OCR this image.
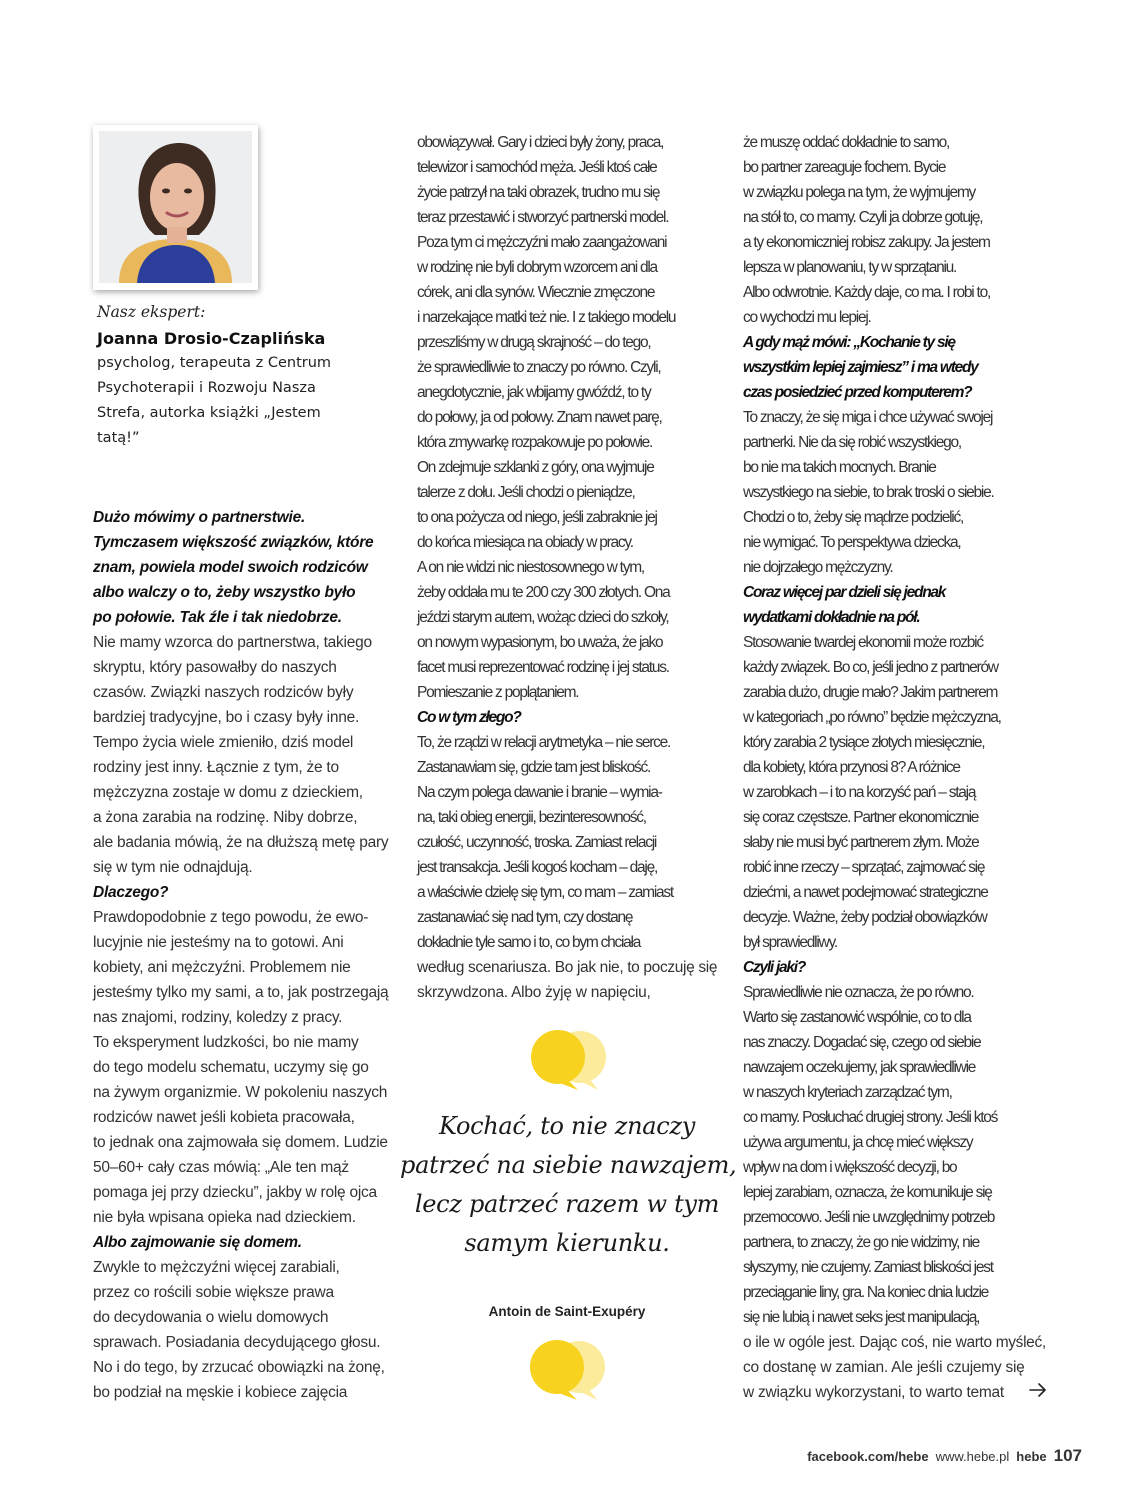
Nasz ekspert:
Joanna Drosio-Czaplińska
psycholog, terapeuta z Centrum
Psychoterapii i Rozwoju Nasza
Strefa, autorka książki „Jestem
tatą!”

Dużo mówimy o partnerstwie.

Tymczasem większość związków, które

znam, powiela model swoich rodziców

albo walczy o to, żeby wszystko było

po połowie. Tak źle i tak niedobrze.

Nie mamy wzorca do partnerstwa, takiego

skryptu, który pasowałby do naszych

czasów. Związki naszych rodziców były

bardziej tradycyjne, bo i czasy były inne.

Tempo życia wiele zmieniło, dziś model

rodziny jest inny. Łącznie z tym, że to

mężczyzna zostaje w domu z dzieckiem,

a żona zarabia na rodzinę. Niby dobrze,

ale badania mówią, że na dłuższą metę pary

się w tym nie odnajdują.

Dlaczego?

Prawdopodobnie z tego powodu, że ewo-

lucyjnie nie jesteśmy na to gotowi. Ani

kobiety, ani mężczyźni. Problemem nie

jesteśmy tylko my sami, a to, jak postrzegają

nas znajomi, rodziny, koledzy z pracy.

To eksperyment ludzkości, bo nie mamy

do tego modelu schematu, uczymy się go

na żywym organizmie. W pokoleniu naszych

rodziców nawet jeśli kobieta pracowała,

to jednak ona zajmowała się domem. Ludzie

50–60+ cały czas mówią: „Ale ten mąż

pomaga jej przy dziecku”, jakby w rolę ojca

nie była wpisana opieka nad dzieckiem.

Albo zajmowanie się domem.

Zwykle to mężczyźni więcej zarabiali,

przez co rościli sobie większe prawa

do decydowania o wielu domowych

sprawach. Posiadania decydującego głosu.

No i do tego, by zrzucać obowiązki na żonę,

bo podział na męskie i kobiece zajęcia

obowiązywał. Gary i dzieci były żony, praca,

telewizor i samochód męża. Jeśli ktoś całe

życie patrzył na taki obrazek, trudno mu się

teraz przestawić i stworzyć partnerski model.

Poza tym ci mężczyźni mało zaangażowani

w rodzinę nie byli dobrym wzorcem ani dla

córek, ani dla synów. Wiecznie zmęczone

i narzekające matki też nie. I z takiego modelu

przeszliśmy w drugą skrajność – do tego,

że sprawiedliwie to znaczy po równo. Czyli,

anegdotycznie, jak wbijamy gwóźdź, to ty

do połowy, ja od połowy. Znam nawet parę,

która zmywarkę rozpakowuje po połowie.

On zdejmuje szklanki z góry, ona wyjmuje

talerze z dołu. Jeśli chodzi o pieniądze,

to ona pożycza od niego, jeśli zabraknie jej

do końca miesiąca na obiady w pracy.

A on nie widzi nic niestosownego w tym,

żeby oddała mu te 200 czy 300 złotych. Ona

jeździ starym autem, wożąc dzieci do szkoły,

on nowym wypasionym, bo uważa, że jako

facet musi reprezentować rodzinę i jej status.

Pomieszanie z poplątaniem.

Co w tym złego?

To, że rządzi w relacji arytmetyka – nie serce.

Zastanawiam się, gdzie tam jest bliskość.

Na czym polega dawanie i branie – wymia-

na, taki obieg energii, bezinteresowność,

czułość, uczynność, troska. Zamiast relacji

jest transakcja. Jeśli kogoś kocham – daję,

a właściwie dzielę się tym, co mam – zamiast

zastanawiać się nad tym, czy dostanę

dokładnie tyle samo i to, co bym chciała

według scenariusza. Bo jak nie, to poczuję się

skrzywdzona. Albo żyję w napięciu,

że muszę oddać dokładnie to samo,

bo partner zareaguje fochem. Bycie

w związku polega na tym, że wyjmujemy

na stół to, co mamy. Czyli ja dobrze gotuję,

a ty ekonomiczniej robisz zakupy. Ja jestem

lepsza w planowaniu, ty w sprzątaniu.

Albo odwrotnie. Każdy daje, co ma. I robi to,

co wychodzi mu lepiej.

A gdy mąż mówi: „Kochanie ty się

wszystkim lepiej zajmiesz” i ma wtedy

czas posiedzieć przed komputerem?

To znaczy, że się miga i chce używać swojej

partnerki. Nie da się robić wszystkiego,

bo nie ma takich mocnych. Branie

wszystkiego na siebie, to brak troski o siebie.

Chodzi o to, żeby się mądrze podzielić,

nie wymigać. To perspektywa dziecka,

nie dojrzałego mężczyzny.

Coraz więcej par dzieli się jednak

wydatkami dokładnie na pół.

Stosowanie twardej ekonomii może rozbić

każdy związek. Bo co, jeśli jedno z partnerów

zarabia dużo, drugie mało? Jakim partnerem

w kategoriach „po równo” będzie mężczyzna,

który zarabia 2 tysiące złotych miesięcznie,

dla kobiety, która przynosi 8? A różnice

w zarobkach – i to na korzyść pań – stają

się coraz częstsze. Partner ekonomicznie

słaby nie musi być partnerem złym. Może

robić inne rzeczy – sprzątać, zajmować się

dziećmi, a nawet podejmować strategiczne

decyzje. Ważne, żeby podział obowiązków

był sprawiedliwy.

Czyli jaki?

Sprawiedliwie nie oznacza, że po równo.

Warto się zastanowić wspólnie, co to dla

nas znaczy. Dogadać się, czego od siebie

nawzajem oczekujemy, jak sprawiedliwie

w naszych kryteriach zarządzać tym,

co mamy. Posłuchać drugiej strony. Jeśli ktoś

używa argumentu, ja chcę mieć większy

wpływ na dom i większość decyzji, bo

lepiej zarabiam, oznacza, że komunikuje się

przemocowo. Jeśli nie uwzględnimy potrzeb

partnera, to znaczy, że go nie widzimy, nie

słyszymy, nie czujemy. Zamiast bliskości jest

przeciąganie liny, gra. Na koniec dnia ludzie

się nie lubią i nawet seks jest manipulacją,

o ile w ogóle jest. Dając coś, nie warto myśleć,

co dostanę w zamian. Ale jeśli czujemy się

w związku wykorzystani, to warto temat

Kochać, to nie znaczy

patrzeć na siebie nawzajem,

lecz patrzeć razem w tym

samym kierunku.

Antoin de Saint-Exupéry
facebook.com/hebe www.hebe.pl hebe 107
